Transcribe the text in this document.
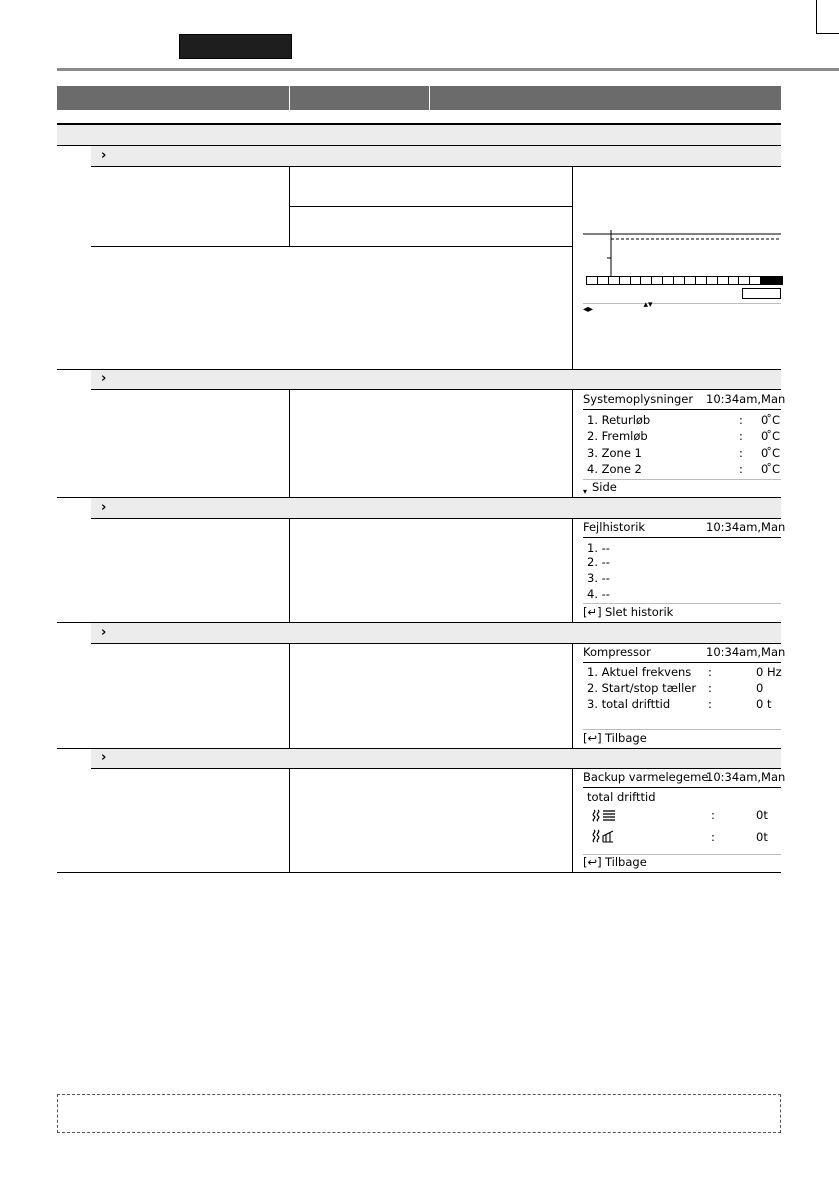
›
◂▸	▴▾
›
Systemoplysninger 10:34am,Man
1. Returløb	: 0 ̊C
2. Fremløb	: 0 ̊C
3. Zone 1	: 0 ̊C
4. Zone 2	: 0 ̊C
▾ Side
›
Fejlhistorik	10:34am,Man
1. --
2. --
3. --
4. --
[↵] Slet historik
›
Kompressor	10:34am,Man
1. Aktuel frekvens :	0 Hz
2. Start/stop tæller :	0
3. total drifttid	:	0 t
[↩] Tilbage
›
Backup varmelegeme
10:34am,Man
total drifttid
:	0t
:	0t
[↩] Tilbage
